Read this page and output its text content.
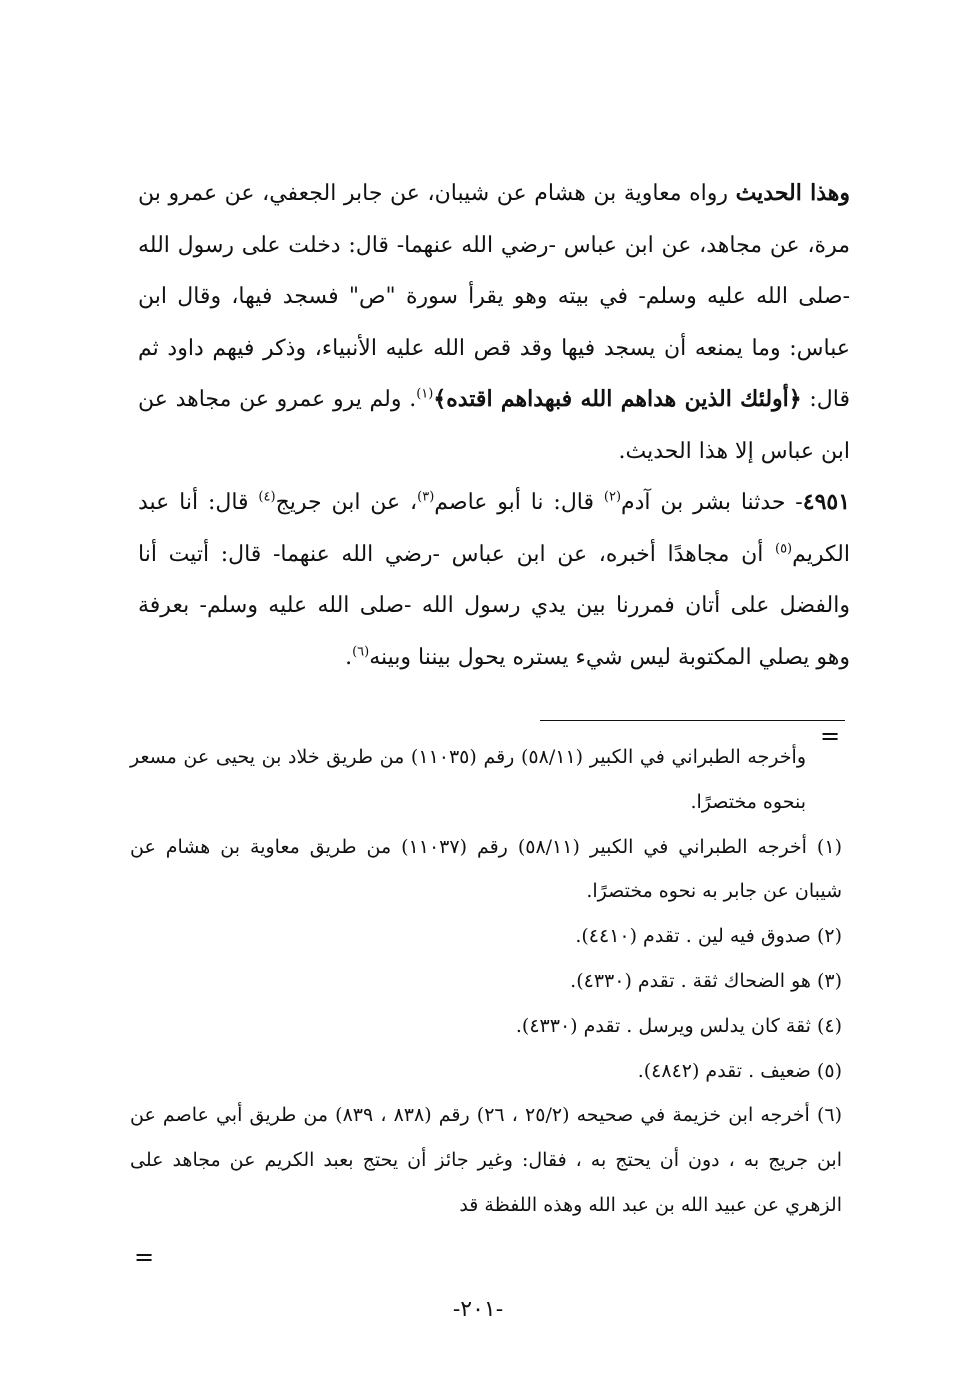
وهذا الحديث رواه معاوية بن هشام عن شيبان، عن جابر الجعفي، عن عمرو بن مرة، عن مجاهد، عن ابن عباس -رضي الله عنهما- قال: دخلت على رسول الله -صلى الله عليه وسلم- في بيته وهو يقرأ سورة "ص" فسجد فيها، وقال ابن عباس: وما يمنعه أن يسجد فيها وقد قص الله عليه الأنبياء، وذكر فيهم داود ثم قال: ﴿أولئك الذين هداهم الله فبهداهم اقتده﴾$^{(١)}$. ولم يرو عمرو عن مجاهد عن ابن عباس إلا هذا الحديث.

٤٩٥١- حدثنا بشر بن آدم$^{(٢)}$ قال: نا أبو عاصم$^{(٣)}$، عن ابن جريج$^{(٤)}$ قال: أنا عبد الكريم$^{(٥)}$ أن مجاهدًا أخبره، عن ابن عباس -رضي الله عنهما- قال: أتيت أنا والفضل على أتان فمررنا بين يدي رسول الله -صلى الله عليه وسلم- بعرفة وهو يصلي المكتوبة ليس شيء يستره يحول بيننا وبينه$^{(٦)}$.

=

وأخرجه الطبراني في الكبير (٥٨/١١) رقم (١١٠٣٥) من طريق خلاد بن يحيى عن مسعر بنحوه مختصرًا.

(١) أخرجه الطبراني في الكبير (٥٨/١١) رقم (١١٠٣٧) من طريق معاوية بن هشام عن شيبان عن جابر به نحوه مختصرًا.

(٢) صدوق فيه لين . تقدم (٤٤١٠).

(٣) هو الضحاك ثقة . تقدم (٤٣٣٠).

(٤) ثقة كان يدلس ويرسل . تقدم (٤٣٣٠).

(٥) ضعيف . تقدم (٤٨٤٢).

(٦) أخرجه ابن خزيمة في صحيحه (٢٥/٢ ، ٢٦) رقم (٨٣٨ ، ٨٣٩) من طريق أبي عاصم عن ابن جريج به ، دون أن يحتج به ، فقال: وغير جائز أن يحتج بعبد الكريم عن مجاهد على الزهري عن عبيد الله بن عبد الله وهذه اللفظة قد

=
-٢٠١-
